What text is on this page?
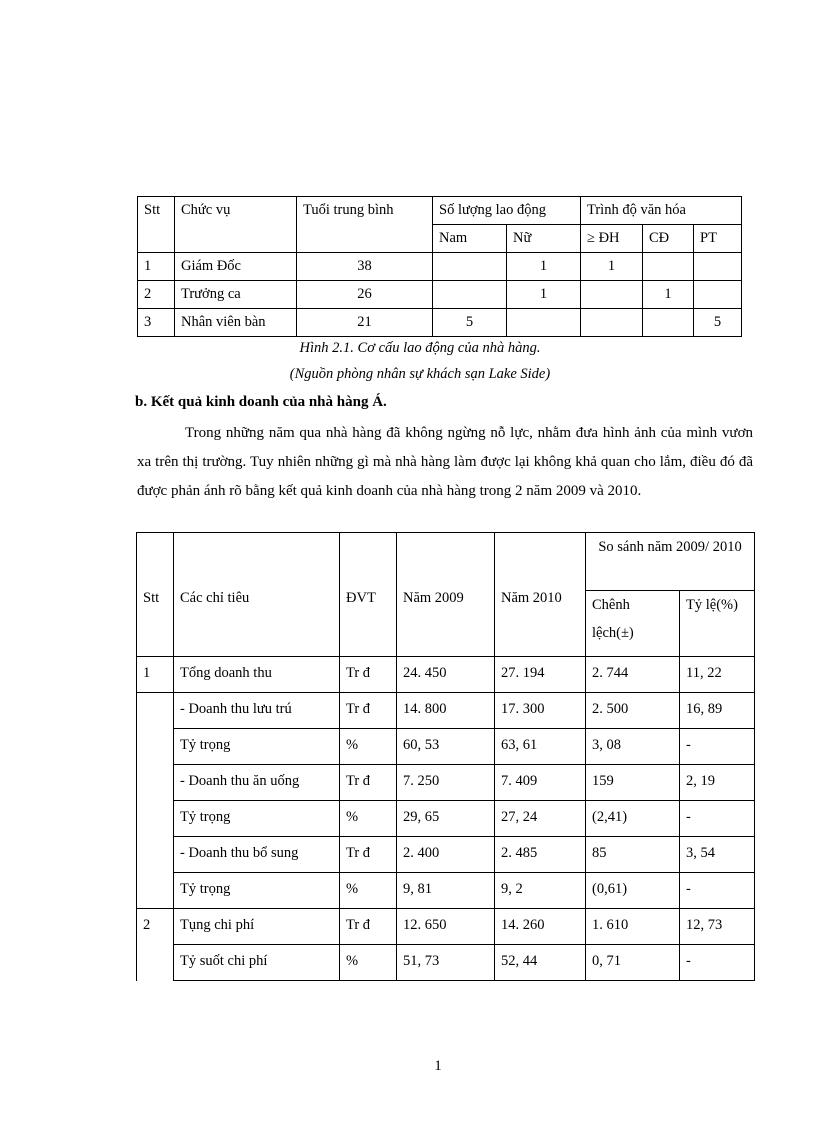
Stt	Chức vụ	Tuổi trung bình	Số lượng lao động		Trình độ văn hóa		
			Nam	Nữ	≥ ĐH	CĐ	PT
1	Giám Đốc	38		1	1		
2	Trưởng ca	26		1		1	
3	Nhân viên bàn	21	5				5
Hình 2.1. Cơ cấu lao động của nhà hàng.
(Nguồn phòng nhân sự khách sạn Lake Side)
b. Kết quả kinh doanh của nhà hàng Á.
Trong những năm qua nhà hàng đã không ngừng nỗ lực, nhằm đưa hình ảnh của mình vươn xa trên thị trường. Tuy nhiên những gì mà nhà hàng làm được lại không khả quan cho lắm, điều đó đã được phản ánh rõ bằng kết quả kinh doanh của nhà hàng trong 2 năm 2009 và 2010.
Stt	Các chỉ tiêu	ĐVT	Năm 2009	Năm 2010	So sánh năm 2009/ 2010	
					Chênh lệch(±)	Tỷ lệ(%)
1	Tổng doanh thu	Tr đ	24. 450	27. 194	2. 744	11, 22
	- Doanh thu lưu trú	Tr đ	14. 800	17. 300	2. 500	16, 89
	Tỷ trọng	%	60, 53	63, 61	3, 08	-
	- Doanh thu ăn uống	Tr đ	7. 250	7. 409	159	2, 19
	Tỷ trọng	%	29, 65	27, 24	(2,41)	-
	- Doanh thu bổ sung	Tr đ	2. 400	2. 485	85	3, 54
	Tỷ trọng	%	9, 81	9, 2	(0,61)	-
2	Tụng chi phí	Tr đ	12. 650	14. 260	1. 610	12, 73
	Tỷ suốt chi phí	%	51, 73	52, 44	0, 71	-
1
